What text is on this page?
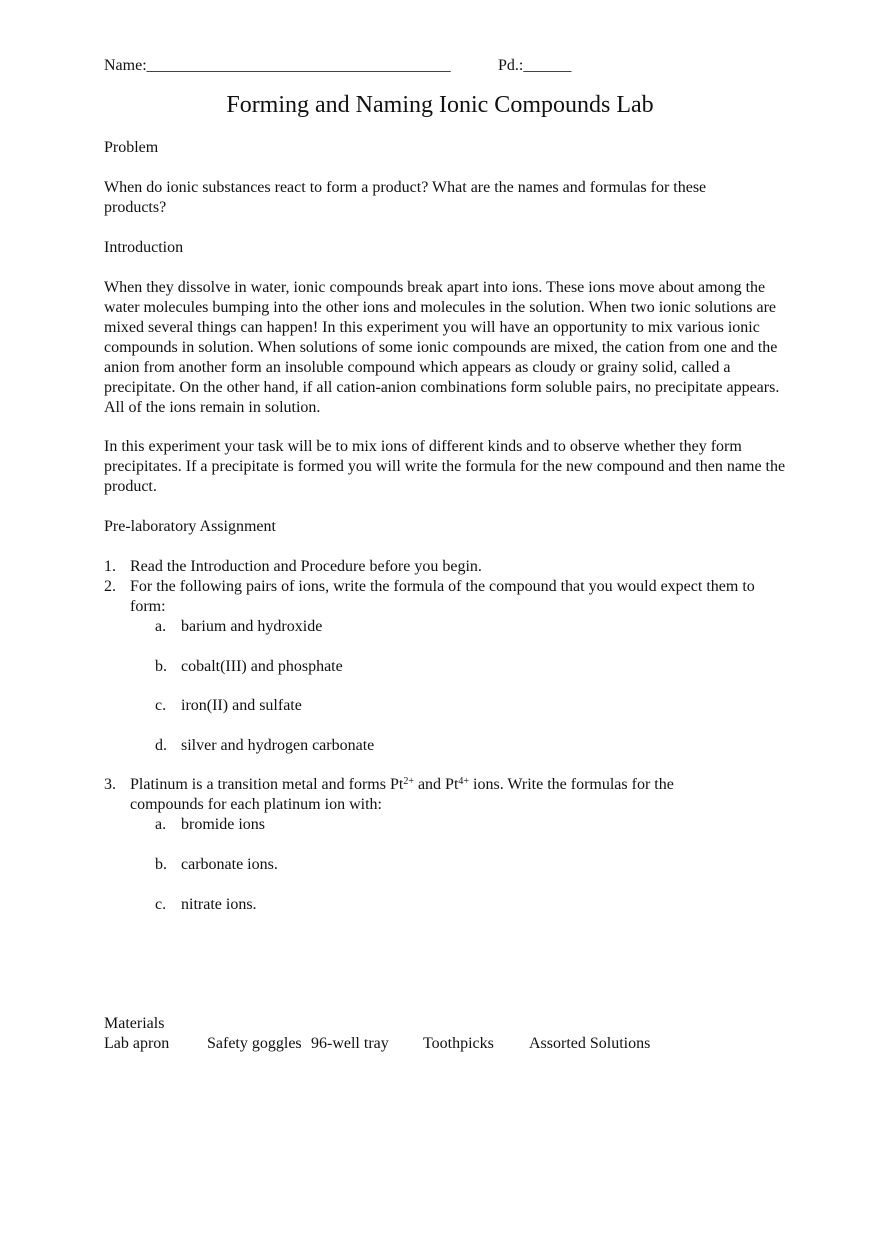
Name:______________________________________	Pd.:______
Forming and Naming Ionic Compounds Lab
Problem
When do ionic substances react to form a product? What are the names and formulas for these products?
Introduction
When they dissolve in water, ionic compounds break apart into ions. These ions move about among the water molecules bumping into the other ions and molecules in the solution. When two ionic solutions are mixed several things can happen! In this experiment you will have an opportunity to mix various ionic compounds in solution. When solutions of some ionic compounds are mixed, the cation from one and the anion from another form an insoluble compound which appears as cloudy or grainy solid, called a precipitate. On the other hand, if all cation-anion combinations form soluble pairs, no precipitate appears. All of the ions remain in solution.
In this experiment your task will be to mix ions of different kinds and to observe whether they form precipitates. If a precipitate is formed you will write the formula for the new compound and then name the product.
Pre-laboratory Assignment
1. Read the Introduction and Procedure before you begin.
2. For the following pairs of ions, write the formula of the compound that you would expect them to form:
a. barium and hydroxide
b. cobalt(III) and phosphate
c. iron(II) and sulfate
d. silver and hydrogen carbonate
3. Platinum is a transition metal and forms $Pt^{2+}$ and $Pt^{4+}$ ions. Write the formulas for the
compounds for each platinum ion with:
a. bromide ions
b. carbonate ions.
c. nitrate ions.
Materials
Lab apron Safety goggles 96-well tray Toothpicks Assorted Solutions
